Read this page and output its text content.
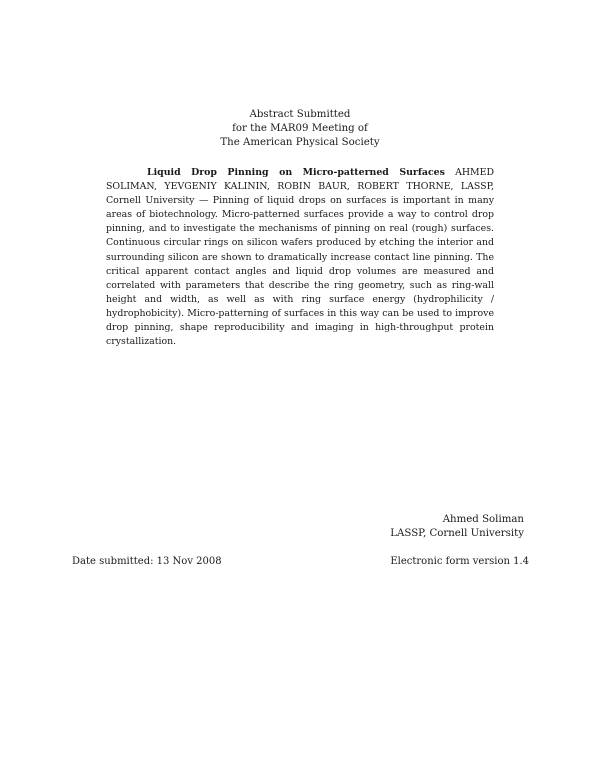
Abstract Submitted
for the MAR09 Meeting of
The American Physical Society
Liquid Drop Pinning on Micro-patterned Surfaces AHMED SOLIMAN, YEVGENIY KALININ, ROBIN BAUR, ROBERT THORNE, LASSP, Cornell University — Pinning of liquid drops on surfaces is important in many areas of biotechnology. Micro-patterned surfaces provide a way to control drop pinning, and to investigate the mechanisms of pinning on real (rough) surfaces. Continuous circular rings on silicon wafers produced by etching the interior and surrounding silicon are shown to dramatically increase contact line pinning. The critical apparent contact angles and liquid drop volumes are measured and correlated with parameters that describe the ring geometry, such as ring-wall height and width, as well as with ring surface energy (hydrophilicity / hydrophobicity). Micro-patterning of surfaces in this way can be used to improve drop pinning, shape reproducibility and imaging in high-throughput protein crystallization.
Ahmed Soliman
LASSP, Cornell University
Date submitted: 13 Nov 2008	Electronic form version 1.4
